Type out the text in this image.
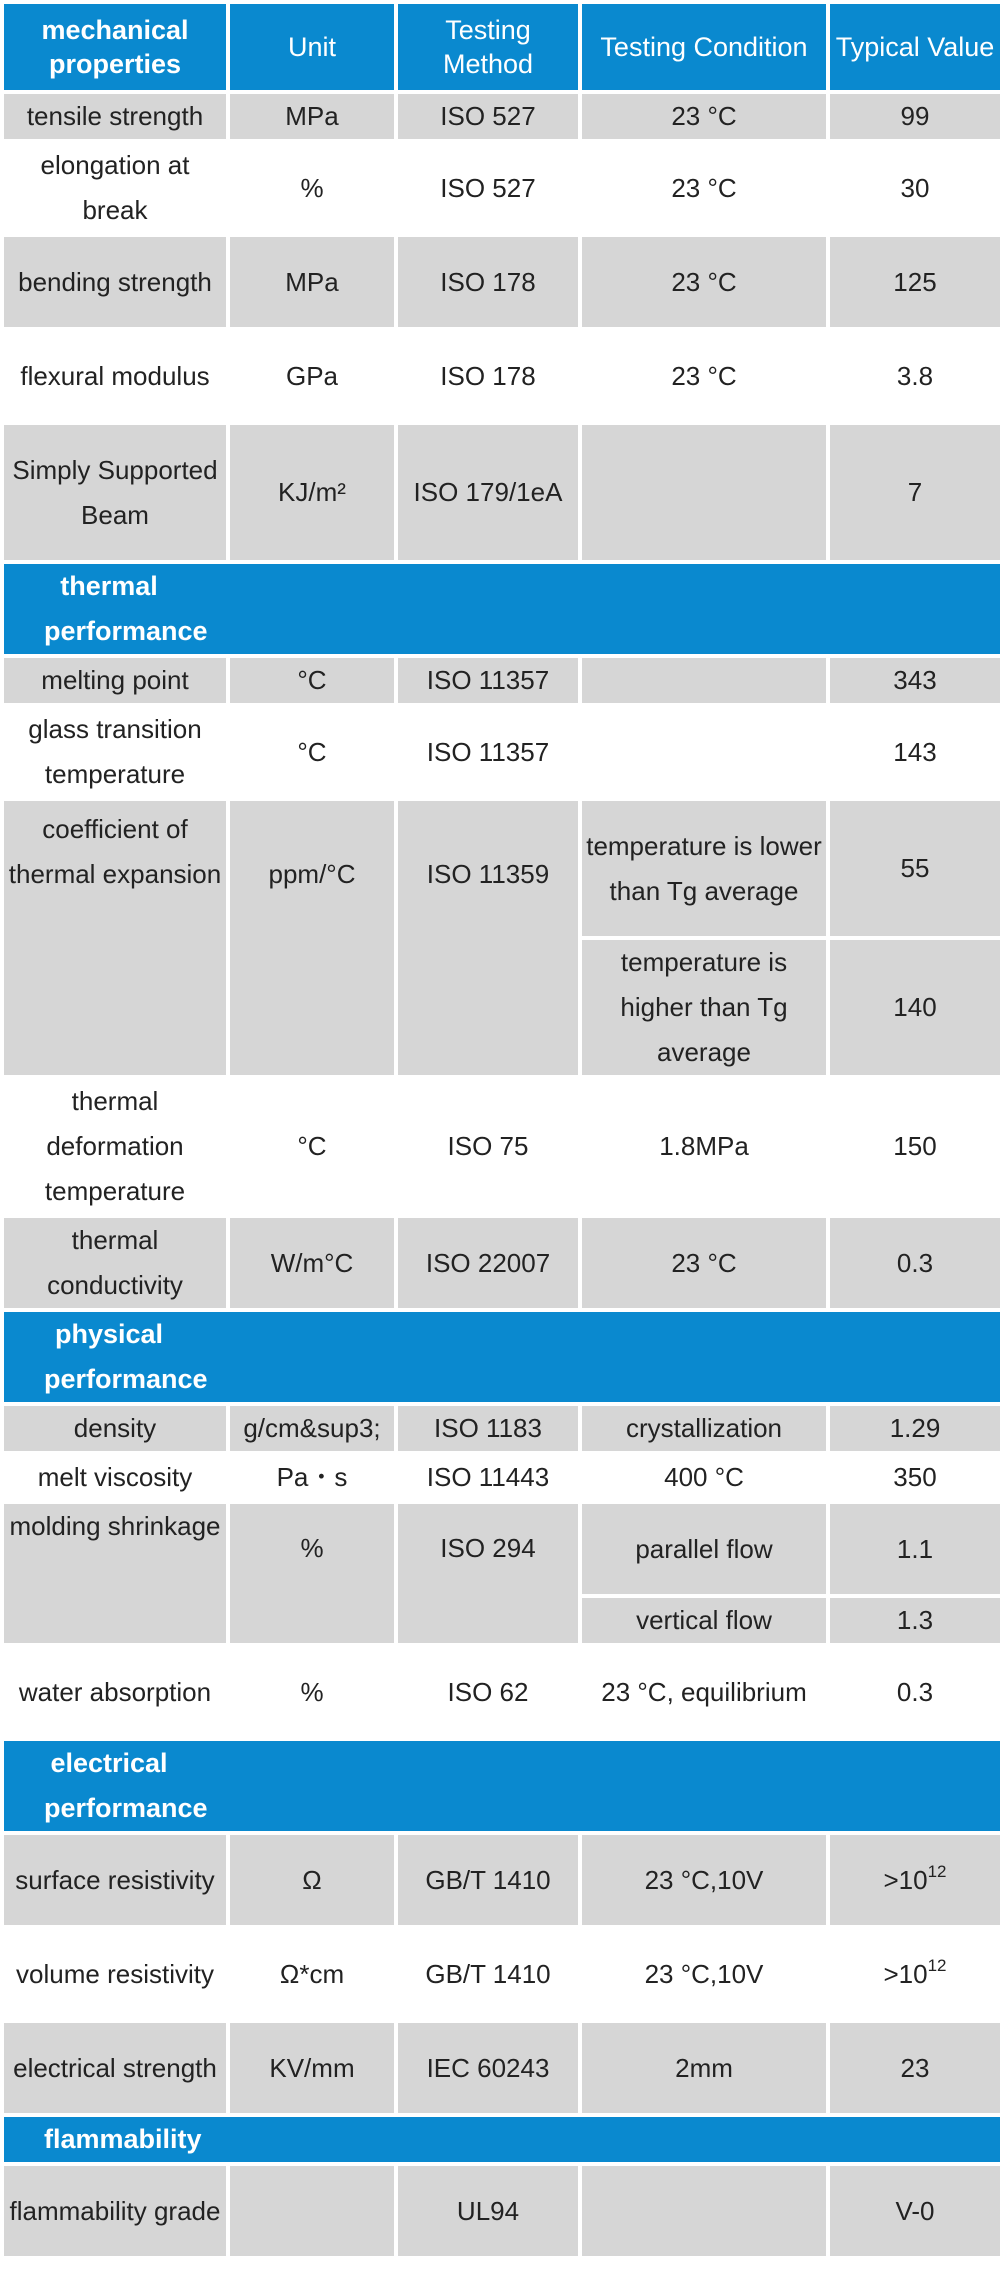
mechanical properties	Unit	Testing Method	Testing Condition	Typical Value
tensile strength	MPa	ISO 527	23 °C	99
elongation at break	%	ISO 527	23 °C	30
bending strength	MPa	ISO 178	23 °C	125
flexural modulus	GPa	ISO 178	23 °C	3.8
Simply Supported Beam	KJ/m²	ISO 179/1eA		7

thermal performance				

melting point	°C	ISO 11357		343
glass transition temperature	°C	ISO 11357		143
coefficient of thermal expansion	ppm/°C	ISO 11359	temperature is lower than Tg average	55
			temperature is higher than Tg average	140
thermal deformation temperature	°C	ISO 75	1.8MPa	150
thermal conductivity	W/m°C	ISO 22007	23 °C	0.3

physical performance				

density	g/cm&sup3;	ISO 1183	crystallization	1.29
melt viscosity	Pa・s	ISO 11443	400 °C	350
molding shrinkage	%	ISO 294	parallel flow	1.1
			vertical flow	1.3
water absorption	%	ISO 62	23 °C, equilibrium	0.3

electrical performance				

surface resistivity	Ω	GB/T 1410	23 °C,10V	$>10^{12}$
volume resistivity	Ω*cm	GB/T 1410	23 °C,10V	$>10^{12}$
electrical strength	KV/mm	IEC 60243	2mm	23

flammability				

flammability grade		UL94		V-0
